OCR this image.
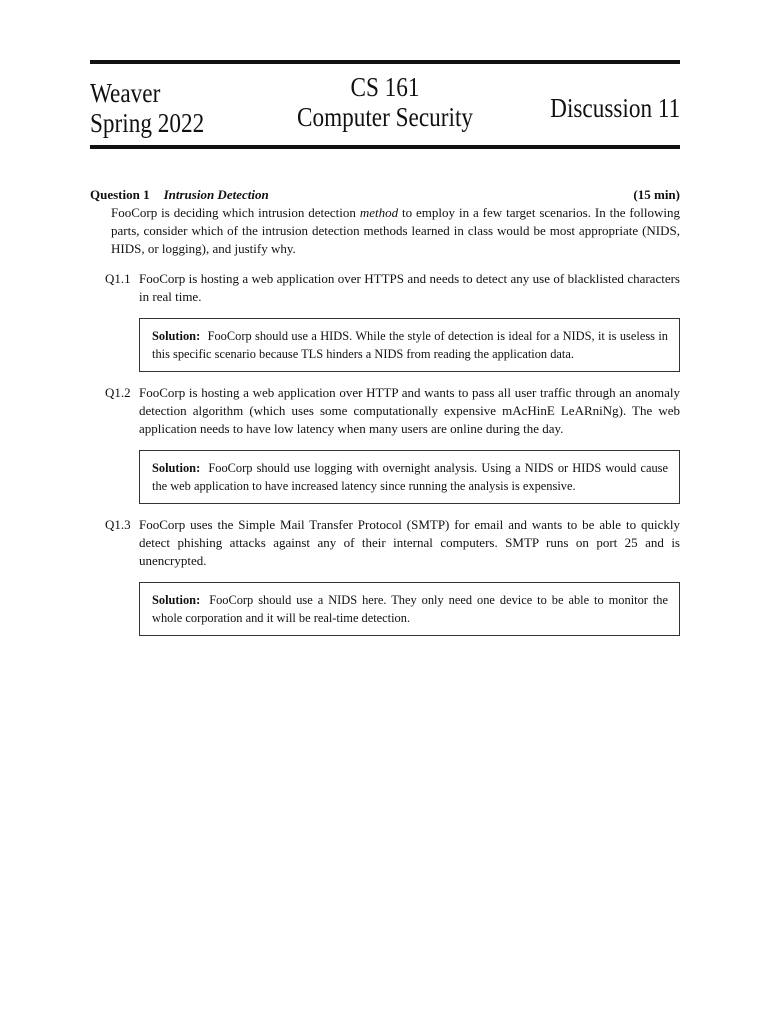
Weaver
Spring 2022
CS 161
Computer Security	Discussion 11
Question 1 Intrusion Detection	(15 min)

FooCorp is deciding which intrusion detection method to employ in a few target scenarios. In the following parts, consider which of the intrusion detection methods learned in class would be most appropriate (NIDS, HIDS, or logging), and justify why.

Q1.1 FooCorp is hosting a web application over HTTPS and needs to detect any use of blacklisted characters in real time.
Solution: FooCorp should use a HIDS. While the style of detection is ideal for a NIDS, it is useless in this specific scenario because TLS hinders a NIDS from reading the application data.
Q1.2 FooCorp is hosting a web application over HTTP and wants to pass all user traffic through an anomaly detection algorithm (which uses some computationally expensive mAcHinE LeARniNg). The web application needs to have low latency when many users are online during the day.
Solution: FooCorp should use logging with overnight analysis. Using a NIDS or HIDS would cause the web application to have increased latency since running the analysis is expensive.
Q1.3 FooCorp uses the Simple Mail Transfer Protocol (SMTP) for email and wants to be able to quickly detect phishing attacks against any of their internal computers. SMTP runs on port 25 and is unencrypted.
Solution: FooCorp should use a NIDS here. They only need one device to be able to monitor the whole corporation and it will be real-time detection.
